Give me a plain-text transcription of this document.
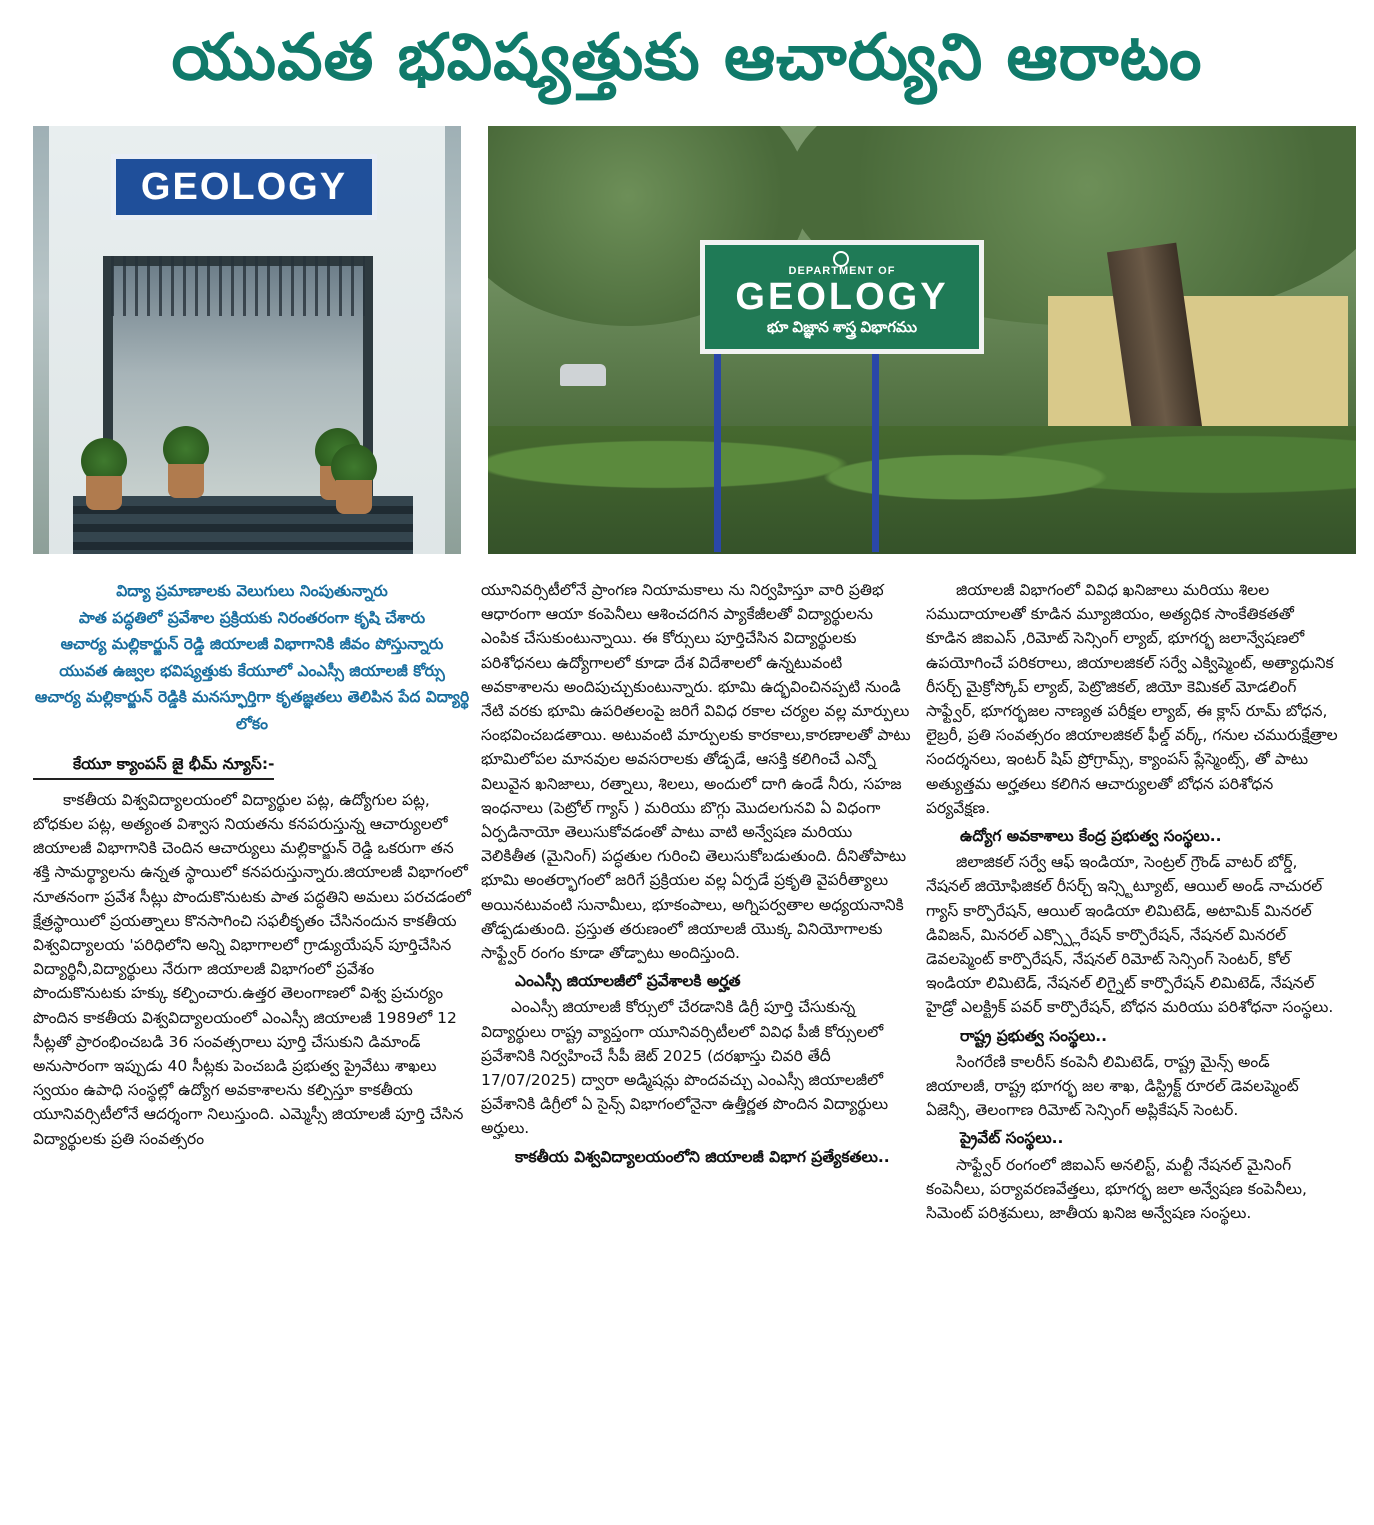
యువత భవిష్యత్తుకు ఆచార్యుని ఆరాటం
GEOLOGY
DEPARTMENT OF
GEOLOGY
భూ విజ్ఞాన శాస్త్ర విభాగము
విద్యా ప్రమాణాలకు వెలుగులు నింపుతున్నారు
పాత పద్ధతిలో ప్రవేశాల ప్రక్రియకు నిరంతరంగా కృషి చేశారు
ఆచార్య మల్లికార్జున్ రెడ్డి జియాలజీ విభాగానికి జీవం పోస్తున్నారు
యువత ఉజ్వల భవిష్యత్తుకు కేయూలో ఎంఎస్సీ జియాలజీ కోర్సు
ఆచార్య మల్లికార్జున్ రెడ్డికి మనస్ఫూర్తిగా కృతజ్ఞతలు తెలిపిన పేద విద్యార్థి లోకం
కేయూ క్యాంపస్ జై భీమ్ న్యూస్:-

కాకతీయ విశ్వవిద్యాలయంలో విద్యార్థుల పట్ల, ఉద్యోగుల పట్ల, బోధకుల పట్ల, అత్యంత విశ్వాస నియతను కనపరుస్తున్న ఆచార్యులలో జియాలజీ విభాగానికి చెందిన ఆచార్యులు మల్లికార్జున్ రెడ్డి ఒకరుగా తన శక్తి సామర్థ్యాలను ఉన్నత స్థాయిలో కనపరుస్తున్నారు.జియాలజీ విభాగంలో నూతనంగా ప్రవేశ సీట్లు పొందుకొనుటకు పాత పద్ధతిని అమలు పరచడంలో క్షేత్రస్థాయిలో ప్రయత్నాలు కొనసాగించి సఫలీకృతం చేసినందున కాకతీయ విశ్వవిద్యాలయ 'పరిధిలోని అన్ని విభాగాలలో గ్రాడ్యుయేషన్ పూర్తిచేసిన విద్యార్థినీ,విద్యార్థులు నేరుగా జియాలజీ విభాగంలో ప్రవేశం పొందుకొనుటకు హక్కు కల్పించారు.ఉత్తర తెలంగాణలో విశ్వ ప్రచుర్యం పొందిన కాకతీయ విశ్వవిద్యాలయంలో ఎంఎస్సీ జియాలజీ 1989లో 12 సీట్లతో ప్రారంభించబడి 36 సంవత్సరాలు పూర్తి చేసుకుని డిమాండ్ అనుసారంగా ఇప్పుడు 40 సీట్లకు పెంచబడి ప్రభుత్వ ప్రైవేటు శాఖలు స్వయం ఉపాధి సంస్థల్లో ఉద్యోగ అవకాశాలను కల్పిస్తూ కాకతీయ యూనివర్సిటీలోనే ఆదర్శంగా నిలుస్తుంది. ఎమ్మెస్సీ జియాలజీ పూర్తి చేసిన విద్యార్థులకు ప్రతి సంవత్సరం

యూనివర్సిటీలోనే ప్రాంగణ నియామకాలు ను నిర్వహిస్తూ వారి ప్రతిభ ఆధారంగా ఆయా కంపెనీలు ఆశించదగిన ప్యాకేజీలతో విద్యార్థులను ఎంపిక చేసుకుంటున్నాయి. ఈ కోర్సులు పూర్తిచేసిన విద్యార్థులకు పరిశోధనలు ఉద్యోగాలలో కూడా దేశ విదేశాలలో ఉన్నటువంటి అవకాశాలను అందిపుచ్చుకుంటున్నారు. భూమి ఉద్భవించినప్పటి నుండి నేటి వరకు భూమి ఉపరితలంపై జరిగే వివిధ రకాల చర్యల వల్ల మార్పులు సంభవించబడతాయి. అటువంటి మార్పులకు కారకాలు,కారణాలతో పాటు భూమిలోపల మానవుల అవసరాలకు తోడ్పడే, ఆసక్తి కలిగించే ఎన్నో విలువైన ఖనిజాలు, రత్నాలు, శిలలు, అందులో దాగి ఉండే నీరు, సహజ ఇంధనాలు (పెట్రోల్ గ్యాస్ ) మరియు బొగ్గు మొదలగునవి ఏ విధంగా ఏర్పడినాయో తెలుసుకోవడంతో పాటు వాటి అన్వేషణ మరియు వెలికితీత (మైనింగ్) పద్ధతుల గురించి తెలుసుకోబడుతుంది. దీనితోపాటు భూమి అంతర్భాగంలో జరిగే ప్రక్రియల వల్ల ఏర్పడే ప్రకృతి వైపరీత్యాలు అయినటువంటి సునామీలు, భూకంపాలు, అగ్నిపర్వతాల అధ్యయనానికి తోడ్పడుతుంది. ప్రస్తుత తరుణంలో జియాలజీ యొక్క వినియోగాలకు సాఫ్ట్వేర్ రంగం కూడా తోడ్పాటు అందిస్తుంది.

ఎంఎస్సీ జియాలజీలో ప్రవేశాలకి అర్హత

ఎంఎస్సీ జియాలజీ కోర్సులో చేరడానికి డిగ్రీ పూర్తి చేసుకున్న విద్యార్థులు రాష్ట్ర వ్యాప్తంగా యూనివర్సిటీలలో వివిధ పీజీ కోర్సులలో ప్రవేశానికి నిర్వహించే సీపీ జెట్ 2025 (దరఖాస్తు చివరి తేదీ 17/07/2025) ద్వారా అడ్మిషన్లు పొందవచ్చు ఎంఎస్సీ జియాలజీలో ప్రవేశానికి డిగ్రీలో ఏ సైన్స్ విభాగంలోనైనా ఉత్తీర్ణత పొందిన విద్యార్థులు అర్హులు.

కాకతీయ విశ్వవిద్యాలయంలోని జియాలజీ విభాగ ప్రత్యేకతలు..

జియాలజీ విభాగంలో వివిధ ఖనిజాలు మరియు శిలల సముదాయాలతో కూడిన మ్యూజియం, అత్యధిక సాంకేతికతతో కూడిన జిఐఎస్ ,రిమోట్ సెన్సింగ్ ల్యాబ్, భూగర్భ జలాన్వేషణలో ఉపయోగించే పరికరాలు, జియాలజికల్ సర్వే ఎక్విప్మెంట్, అత్యాధునిక రీసర్చ్ మైక్రోస్కోప్ ల్యాబ్, పెట్రొజికల్, జియో కెమికల్ మోడలింగ్ సాఫ్ట్వేర్, భూగర్భజల నాణ్యత పరీక్షల ల్యాబ్, ఈ క్లాస్ రూమ్ బోధన, లైబ్రరీ, ప్రతి సంవత్సరం జియాలజికల్ ఫీల్డ్ వర్క్, గనుల చమురుక్షేత్రాల సందర్శనలు, ఇంటర్ షిప్ ప్రోగ్రామ్స్, క్యాంపస్ ప్లేస్మెంట్స్, తో పాటు అత్యుత్తమ అర్హతలు కలిగిన ఆచార్యులతో బోధన పరిశోధన పర్యవేక్షణ.

ఉద్యోగ అవకాశాలు కేంద్ర ప్రభుత్వ సంస్థలు..

జిలాజికల్ సర్వే ఆఫ్ ఇండియా, సెంట్రల్ గ్రౌండ్ వాటర్ బోర్డ్, నేషనల్ జియోఫిజికల్ రీసర్చ్ ఇన్స్టిట్యూట్, ఆయిల్ అండ్ నాచురల్ గ్యాస్ కార్పొరేషన్, ఆయిల్ ఇండియా లిమిటెడ్, అటామిక్ మినరల్ డివిజన్, మినరల్ ఎక్స్ప్లొరేషన్ కార్పొరేషన్, నేషనల్ మినరల్ డెవలప్మెంట్ కార్పొరేషన్, నేషనల్ రిమోట్ సెన్సింగ్ సెంటర్, కోల్ ఇండియా లిమిటెడ్, నేషనల్ లిగ్నైట్ కార్పొరేషన్ లిమిటెడ్, నేషనల్ హైడ్రో ఎలక్ట్రిక్ పవర్ కార్పొరేషన్, బోధన మరియు పరిశోధనా సంస్థలు.

రాష్ట్ర ప్రభుత్వ సంస్థలు..

సింగరేణి కాలరీస్ కంపెనీ లిమిటెడ్, రాష్ట్ర మైన్స్ అండ్ జియాలజీ, రాష్ట్ర భూగర్భ జల శాఖ, డిస్ట్రిక్ట్ రూరల్ డెవలప్మెంట్ ఏజెన్సీ, తెలంగాణ రిమోట్ సెన్సింగ్ అప్లికేషన్ సెంటర్.

ప్రైవేట్ సంస్థలు..

సాఫ్ట్వేర్ రంగంలో జిఐఎస్ అనలిస్ట్, మల్టీ నేషనల్ మైనింగ్ కంపెనీలు, పర్యావరణవేత్తలు, భూగర్భ జలా అన్వేషణ కంపెనీలు, సిమెంట్ పరిశ్రమలు, జాతీయ ఖనిజ అన్వేషణ సంస్థలు.
